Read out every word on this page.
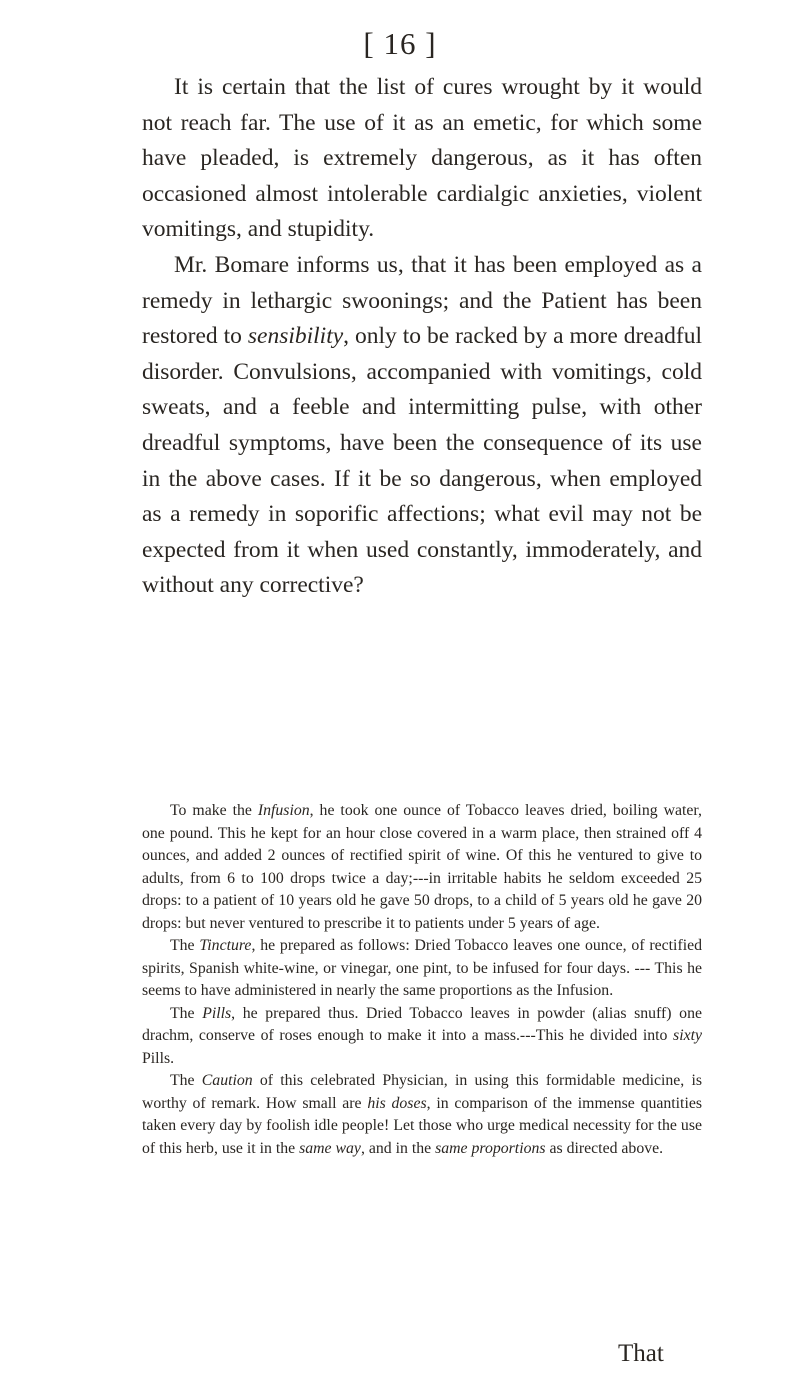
[ 16 ]

It is certain that the list of cures wrought by it would not reach far. The use of it as an emetic, for which some have pleaded, is extremely dangerous, as it has often occasioned almost intolerable cardialgic anxieties, violent vomitings, and stupidity.

Mr. Bomare informs us, that it has been employed as a remedy in lethargic swoonings; and the Patient has been restored to sensibility, only to be racked by a more dreadful disorder. Convulsions, accompanied with vomitings, cold sweats, and a feeble and intermitting pulse, with other dreadful symptoms, have been the consequence of its use in the above cases. If it be so dangerous, when employed as a remedy in soporific affections; what evil may not be expected from it when used constantly, immoderately, and without any corrective?

To make the Infusion, he took one ounce of Tobacco leaves dried, boiling water, one pound. This he kept for an hour close covered in a warm place, then strained off 4 ounces, and added 2 ounces of rectified spirit of wine. Of this he ventured to give to adults, from 6 to 100 drops twice a day;---in irritable habits he seldom exceeded 25 drops: to a patient of 10 years old he gave 50 drops, to a child of 5 years old he gave 20 drops: but never ventured to prescribe it to patients under 5 years of age.

The Tincture, he prepared as follows: Dried Tobacco leaves one ounce, of rectified spirits, Spanish white-wine, or vinegar, one pint, to be infused for four days. --- This he seems to have administered in nearly the same proportions as the Infusion.

The Pills, he prepared thus. Dried Tobacco leaves in powder (alias snuff) one drachm, conserve of roses enough to make it into a mass.---This he divided into sixty Pills.

The Caution of this celebrated Physician, in using this formidable medicine, is worthy of remark. How small are his doses, in comparison of the immense quantities taken every day by foolish idle people! Let those who urge medical necessity for the use of this herb, use it in the same way, and in the same proportions as directed above.

That
